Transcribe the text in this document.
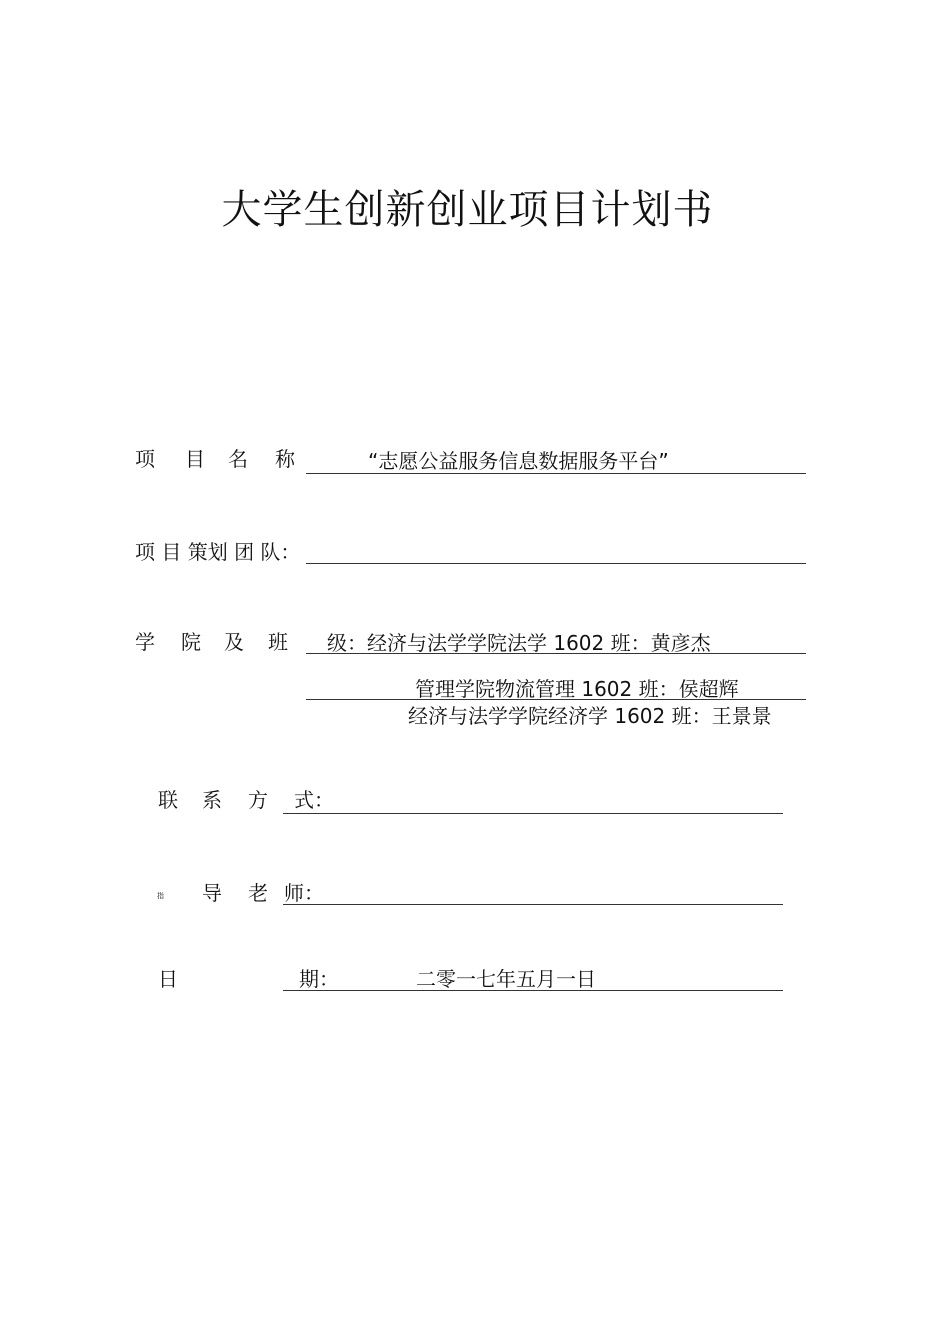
大学生创新创业项目计划书
项 目 名 称	“志愿公益服务信息数据服务平台”
项 目 策划 团 队：
学 院 及 班 级：经济与法学学院法学 1602 班：黄彦杰
管理学院物流管理 1602 班：侯超辉
经济与法学学院经济学 1602 班：王景景
联 系 方 式：
指 导 老 师：
日	期：	二零一七年五月一日
